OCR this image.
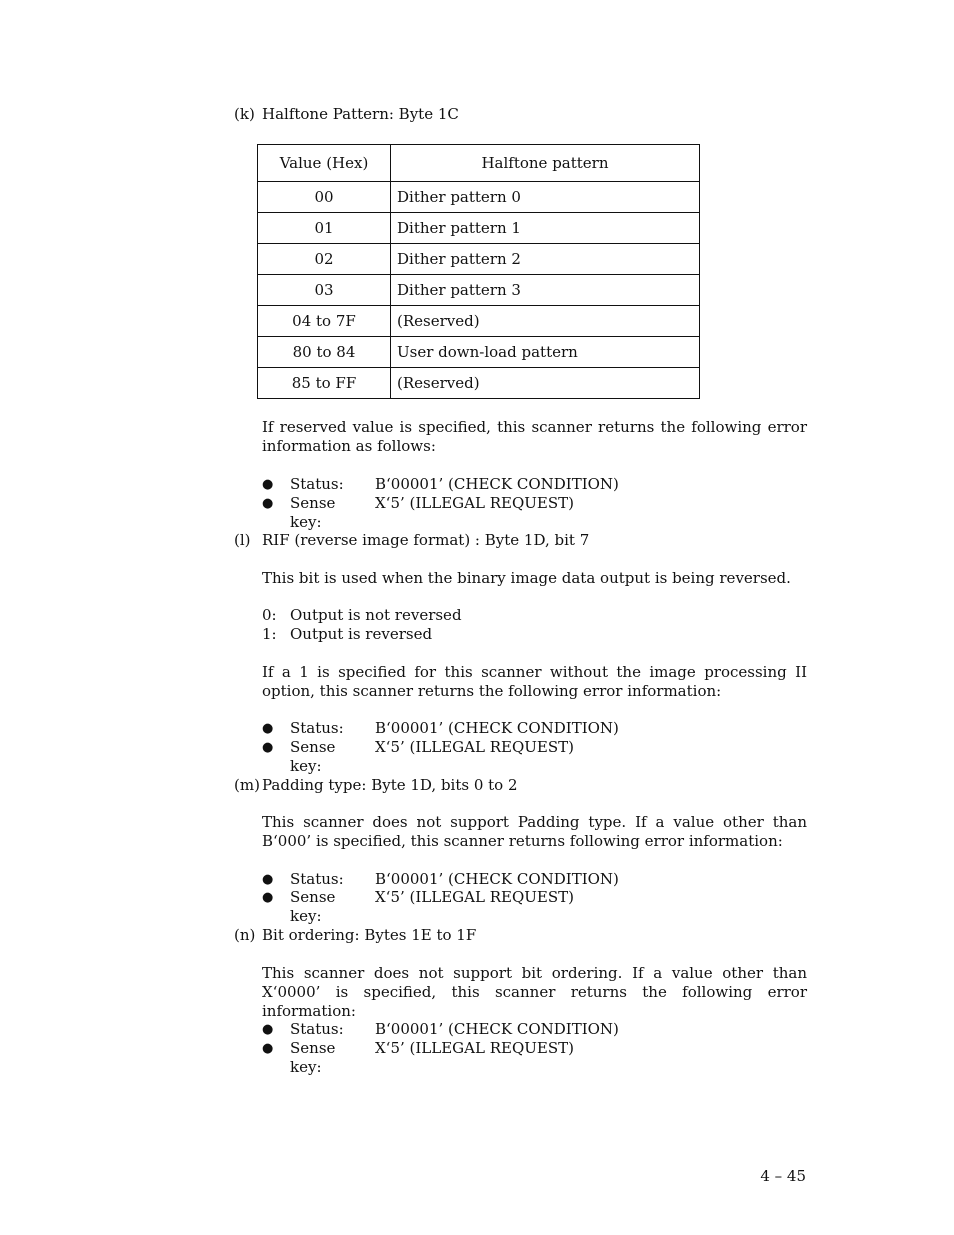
(k) Halftone Pattern: Byte 1C
Value (Hex)	Halftone pattern
00	Dither pattern 0
01	Dither pattern 1
02	Dither pattern 2
03	Dither pattern 3
04 to 7F	(Reserved)
80 to 84	User down-load pattern
85 to FF	(Reserved)
If reserved value is specified, this scanner returns the following error information as follows:
● Status: B‘00001’ (CHECK CONDITION)
● Sense key:
X‘5’ (ILLEGAL REQUEST)
(l) RIF (reverse image format) : Byte 1D, bit 7
This bit is used when the binary image data output is being reversed.
0: Output is not reversed
1: Output is reversed
If a 1 is specified for this scanner without the image processing II option, this scanner returns the following error information:
● Status: B‘00001’ (CHECK CONDITION)
● Sense key:
X‘5’ (ILLEGAL REQUEST)
(m) Padding type: Byte 1D, bits 0 to 2
This scanner does not support Padding type. If a value other than B‘000’ is specified, this scanner returns following error information:
● Status: B‘00001’ (CHECK CONDITION)
● Sense key:
X‘5’ (ILLEGAL REQUEST)
(n) Bit ordering: Bytes 1E to 1F
This scanner does not support bit ordering. If a value other than X‘0000’ is specified, this scanner returns the following error information:
● Status: B‘00001’ (CHECK CONDITION)
● Sense key:
X‘5’ (ILLEGAL REQUEST)
4 – 45
